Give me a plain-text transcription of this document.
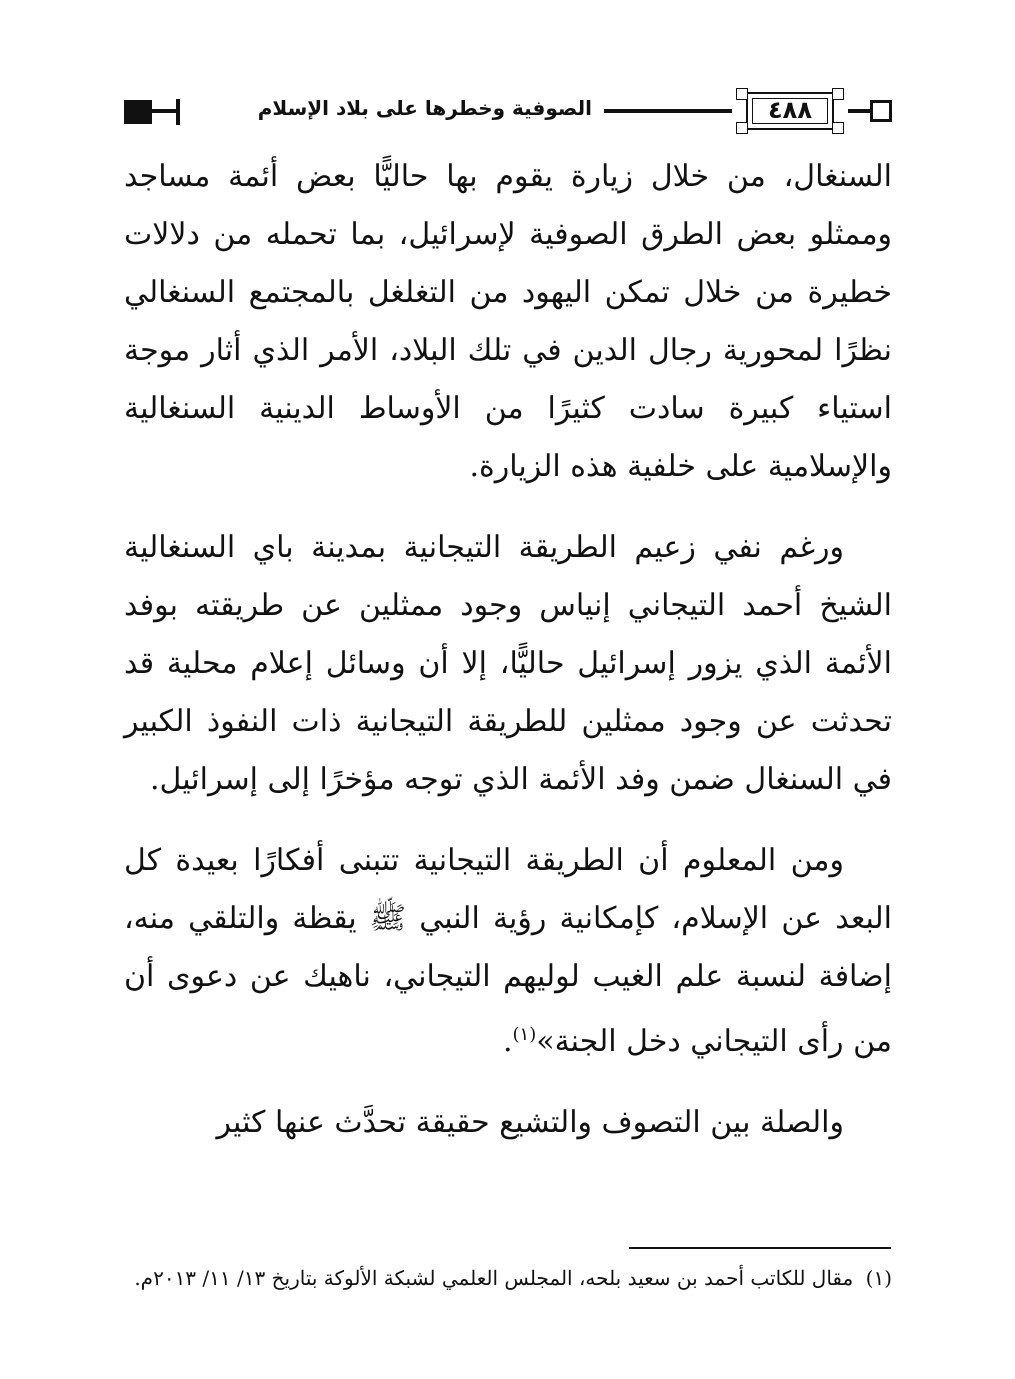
٤٨٨
الصوفية وخطرها على بلاد الإسلام

السنغال، من خلال زيارة يقوم بها حاليًّا بعض أئمة مساجد وممثلو بعض الطرق الصوفية لإسرائيل، بما تحمله من دلالات خطيرة من خلال تمكن اليهود من التغلغل بالمجتمع السنغالي نظرًا لمحورية رجال الدين في تلك البلاد، الأمر الذي أثار موجة استياء كبيرة سادت كثيرًا من الأوساط الدينية السنغالية والإسلامية على خلفية هذه الزيارة.

ورغم نفي زعيم الطريقة التيجانية بمدينة باي السنغالية الشيخ أحمد التيجاني إنياس وجود ممثلين عن طريقته بوفد الأئمة الذي يزور إسرائيل حاليًّا، إلا أن وسائل إعلام محلية قد تحدثت عن وجود ممثلين للطريقة التيجانية ذات النفوذ الكبير في السنغال ضمن وفد الأئمة الذي توجه مؤخرًا إلى إسرائيل.

ومن المعلوم أن الطريقة التيجانية تتبنى أفكارًا بعيدة كل البعد عن الإسلام، كإمكانية رؤية النبي ﷺ يقظة والتلقي منه، إضافة لنسبة علم الغيب لوليهم التيجاني، ناهيك عن دعوى أن من رأى التيجاني دخل الجنة»$^{(١)}$.

والصلة بين التصوف والتشيع حقيقة تحدَّث عنها كثير

(١) مقال للكاتب أحمد بن سعيد بلحه، المجلس العلمي لشبكة الألوكة بتاريخ ١٣/ ١١/ ٢٠١٣م.
